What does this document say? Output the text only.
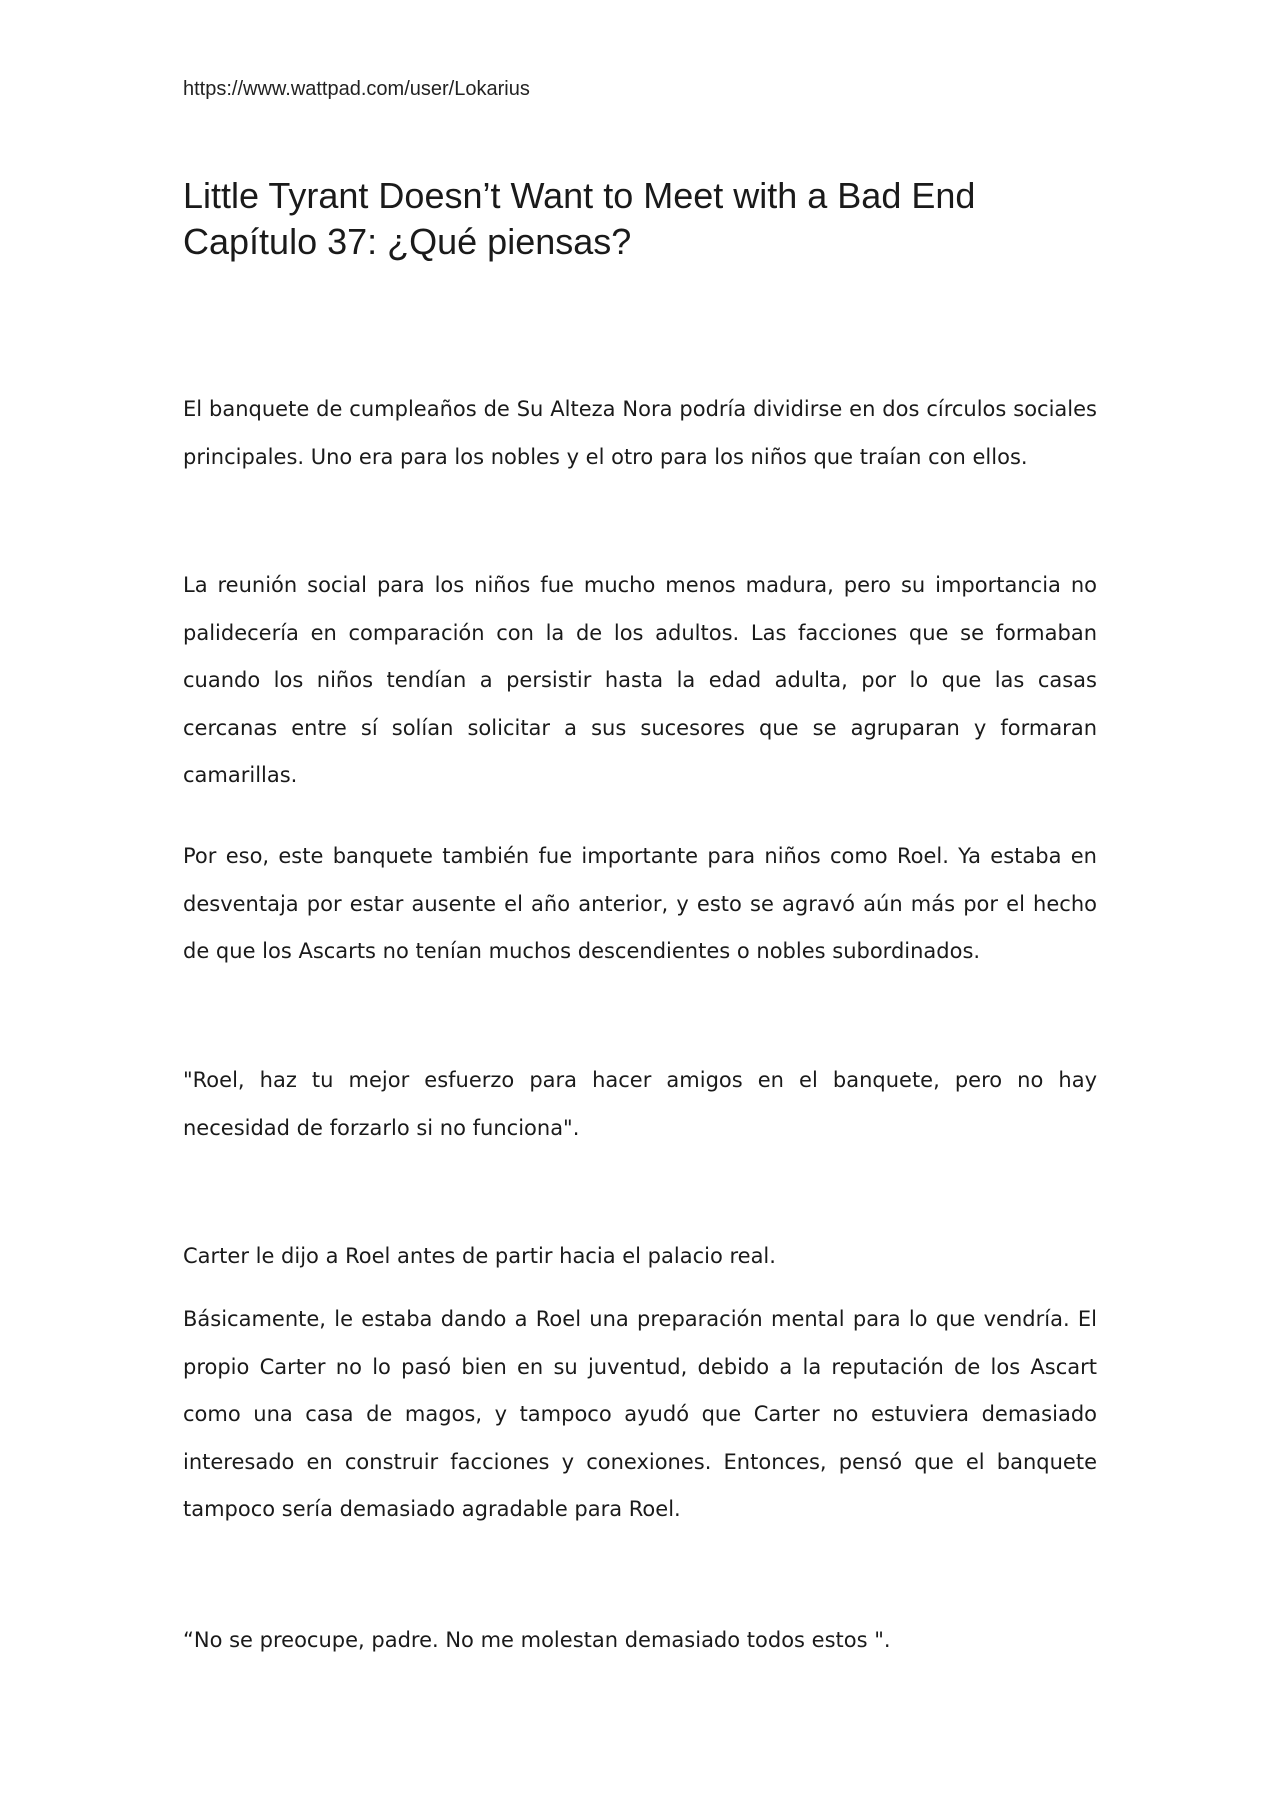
https://www.wattpad.com/user/Lokarius
Little Tyrant Doesn’t Want to Meet with a Bad End Capítulo 37: ¿Qué piensas?

El banquete de cumpleaños de Su Alteza Nora podría dividirse en dos círculos sociales principales. Uno era para los nobles y el otro para los niños que traían con ellos.

La reunión social para los niños fue mucho menos madura, pero su importancia no palidecería en comparación con la de los adultos. Las facciones que se formaban cuando los niños tendían a persistir hasta la edad adulta, por lo que las casas cercanas entre sí solían solicitar a sus sucesores que se agruparan y formaran camarillas.

Por eso, este banquete también fue importante para niños como Roel. Ya estaba en desventaja por estar ausente el año anterior, y esto se agravó aún más por el hecho de que los Ascarts no tenían muchos descendientes o nobles subordinados.

"Roel, haz tu mejor esfuerzo para hacer amigos en el banquete, pero no hay necesidad de forzarlo si no funciona".

Carter le dijo a Roel antes de partir hacia el palacio real.

Básicamente, le estaba dando a Roel una preparación mental para lo que vendría. El propio Carter no lo pasó bien en su juventud, debido a la reputación de los Ascart como una casa de magos, y tampoco ayudó que Carter no estuviera demasiado interesado en construir facciones y conexiones. Entonces, pensó que el banquete tampoco sería demasiado agradable para Roel.

“No se preocupe, padre. No me molestan demasiado todos estos ".
